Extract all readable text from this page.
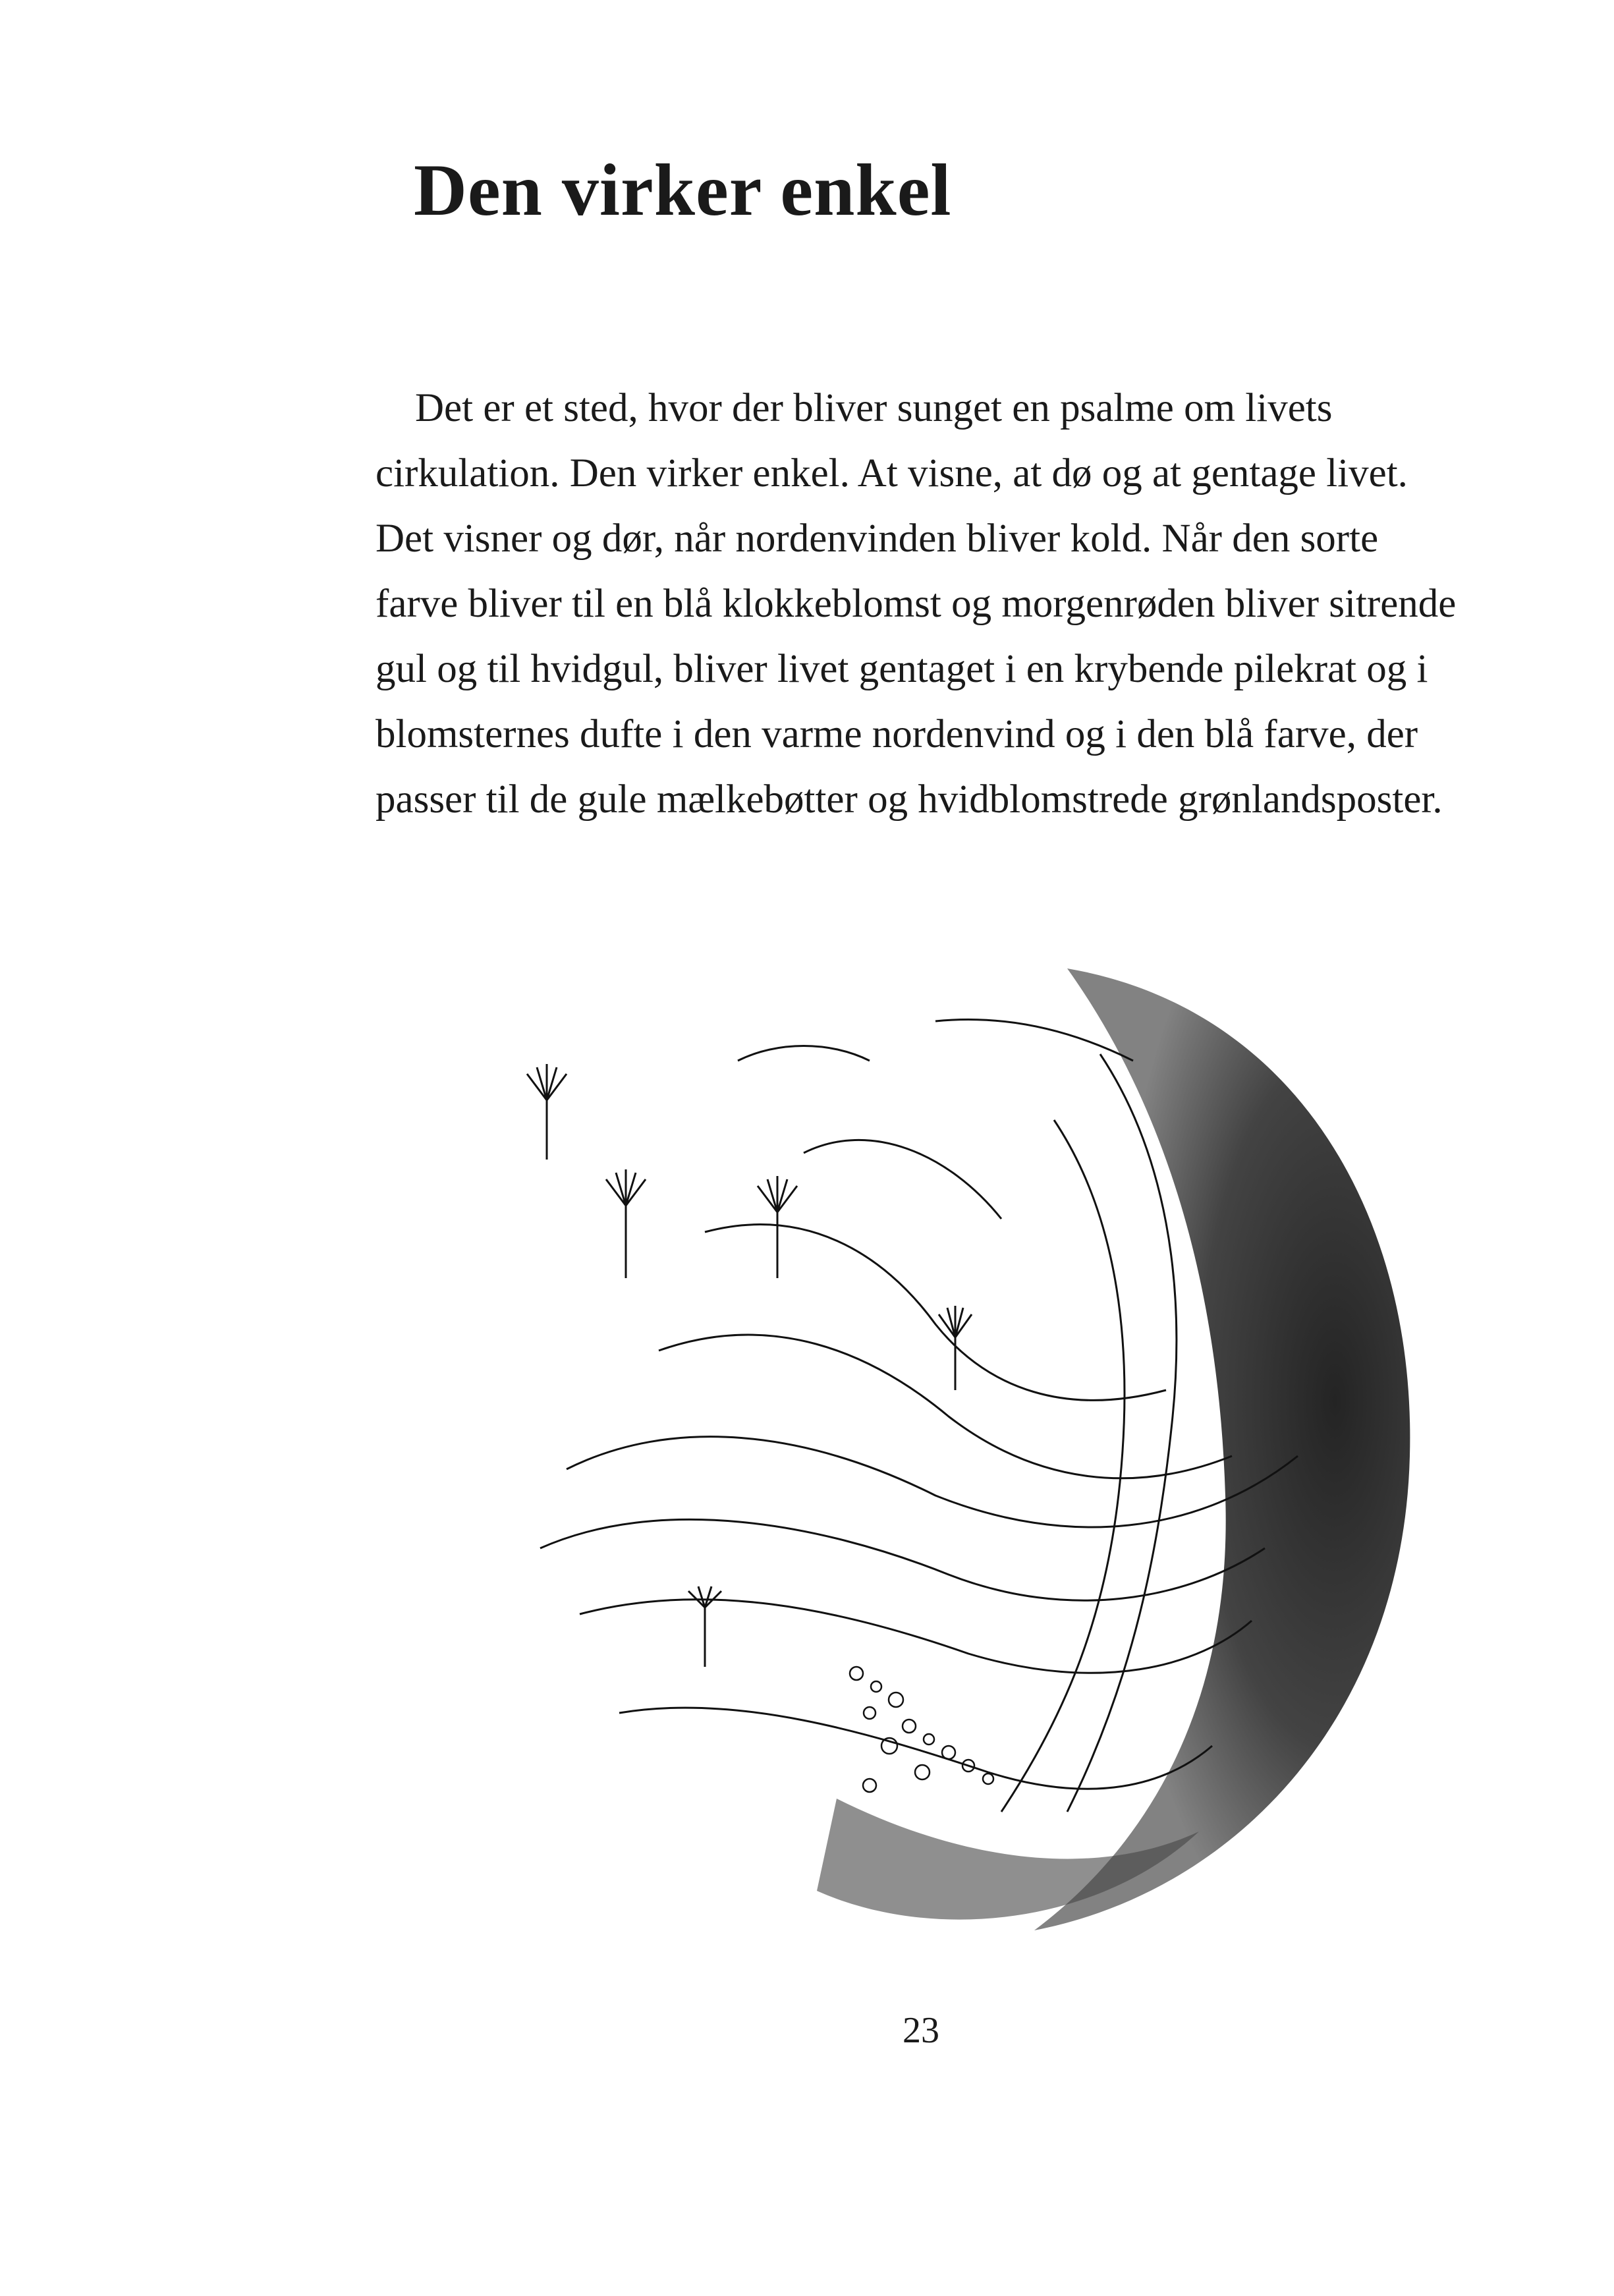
Den virker enkel

Det er et sted, hvor der bliver sunget en psalme om livets cirkulation. Den virker enkel. At visne, at dø og at gentage livet. Det visner og dør, når nordenvinden bliver kold. Når den sorte farve bliver til en blå klokkeblomst og morgenrøden bliver sitrende gul og til hvidgul, bliver livet gentaget i en krybende pilekrat og i blomsternes dufte i den varme nordenvind og i den blå farve, der passer til de gule mælkebøtter og hvidblomstrede grønlandsposter.

23
